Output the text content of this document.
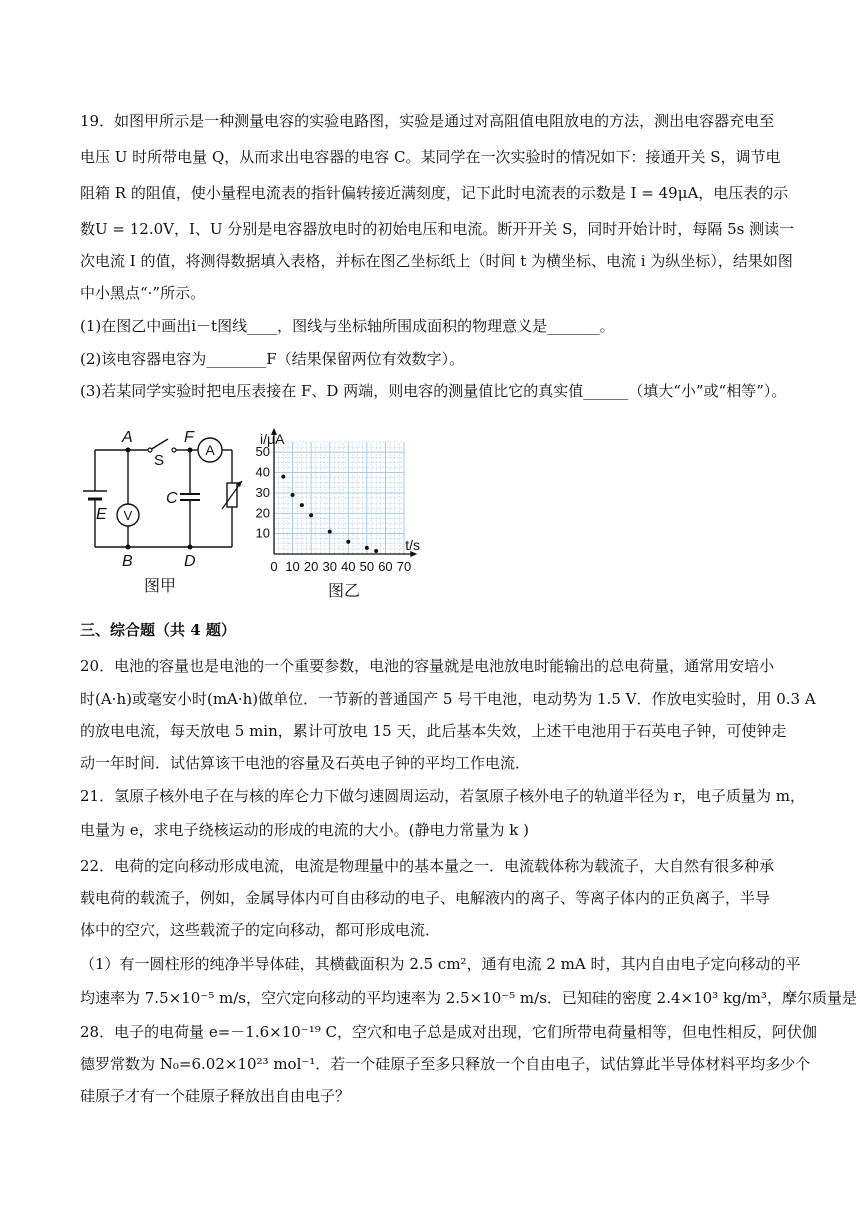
19．如图甲所示是一种测量电容的实验电路图，实验是通过对高阻值电阻放电的方法，测出电容器充电至
电压 U 时所带电量 Q，从而求出电容器的电容 C。某同学在一次实验时的情况如下：接通开关 S，调节电
阻箱 R 的阻值，使小量程电流表的指针偏转接近满刻度，记下此时电流表的示数是 I = 49μA，电压表的示
数U = 12.0V，I、U 分别是电容器放电时的初始电压和电流。断开开关 S，同时开始计时，每隔 5s 测读一
次电流 I 的值，将测得数据填入表格，并标在图乙坐标纸上（时间 t 为横坐标、电流 i 为纵坐标），结果如图
中小黑点“·”所示。
(1)在图乙中画出i－t图线____，图线与坐标轴所围成面积的物理意义是_______。
(2)该电容器电容为________F（结果保留两位有效数字）。
(3)若某同学实验时把电压表接在 F、D 两端，则电容的测量值比它的真实值______（填大“小”或“相等”）。
A
V
A	F
S
C
E
B	D
图甲
0 10 20 30 40 50 60 70
10
20
30
40
50
i/μA
t/s
图乙
三、综合题（共 4 题）
20．电池的容量也是电池的一个重要参数，电池的容量就是电池放电时能输出的总电荷量，通常用安培小
时(A·h)或毫安小时(mA·h)做单位．一节新的普通国产 5 号干电池，电动势为 1.5 V．作放电实验时，用 0.3 A
的放电电流，每天放电 5 min，累计可放电 15 天，此后基本失效，上述干电池用于石英电子钟，可使钟走
动一年时间．试估算该干电池的容量及石英电子钟的平均工作电流．
21．氢原子核外电子在与核的库仑力下做匀速圆周运动，若氢原子核外电子的轨道半径为 r，电子质量为 m，
电量为 e，求电子绕核运动的形成的电流的大小。(静电力常量为 k )
22．电荷的定向移动形成电流，电流是物理量中的基本量之一．电流载体称为载流子，大自然有很多种承
载电荷的载流子，例如，金属导体内可自由移动的电子、电解液内的离子、等离子体内的正负离子，半导
体中的空穴，这些载流子的定向移动，都可形成电流．
（1）有一圆柱形的纯净半导体硅，其横截面积为 2.5 cm²，通有电流 2 mA 时，其内自由电子定向移动的平
均速率为 7.5×10⁻⁵ m/s，空穴定向移动的平均速率为 2.5×10⁻⁵ m/s．已知硅的密度 2.4×10³ kg/m³，摩尔质量是
28．电子的电荷量 e=－1.6×10⁻¹⁹ C，空穴和电子总是成对出现，它们所带电荷量相等，但电性相反，阿伏伽
德罗常数为 N₀=6.02×10²³ mol⁻¹．若一个硅原子至多只释放一个自由电子，试估算此半导体材料平均多少个
硅原子才有一个硅原子释放出自由电子？
